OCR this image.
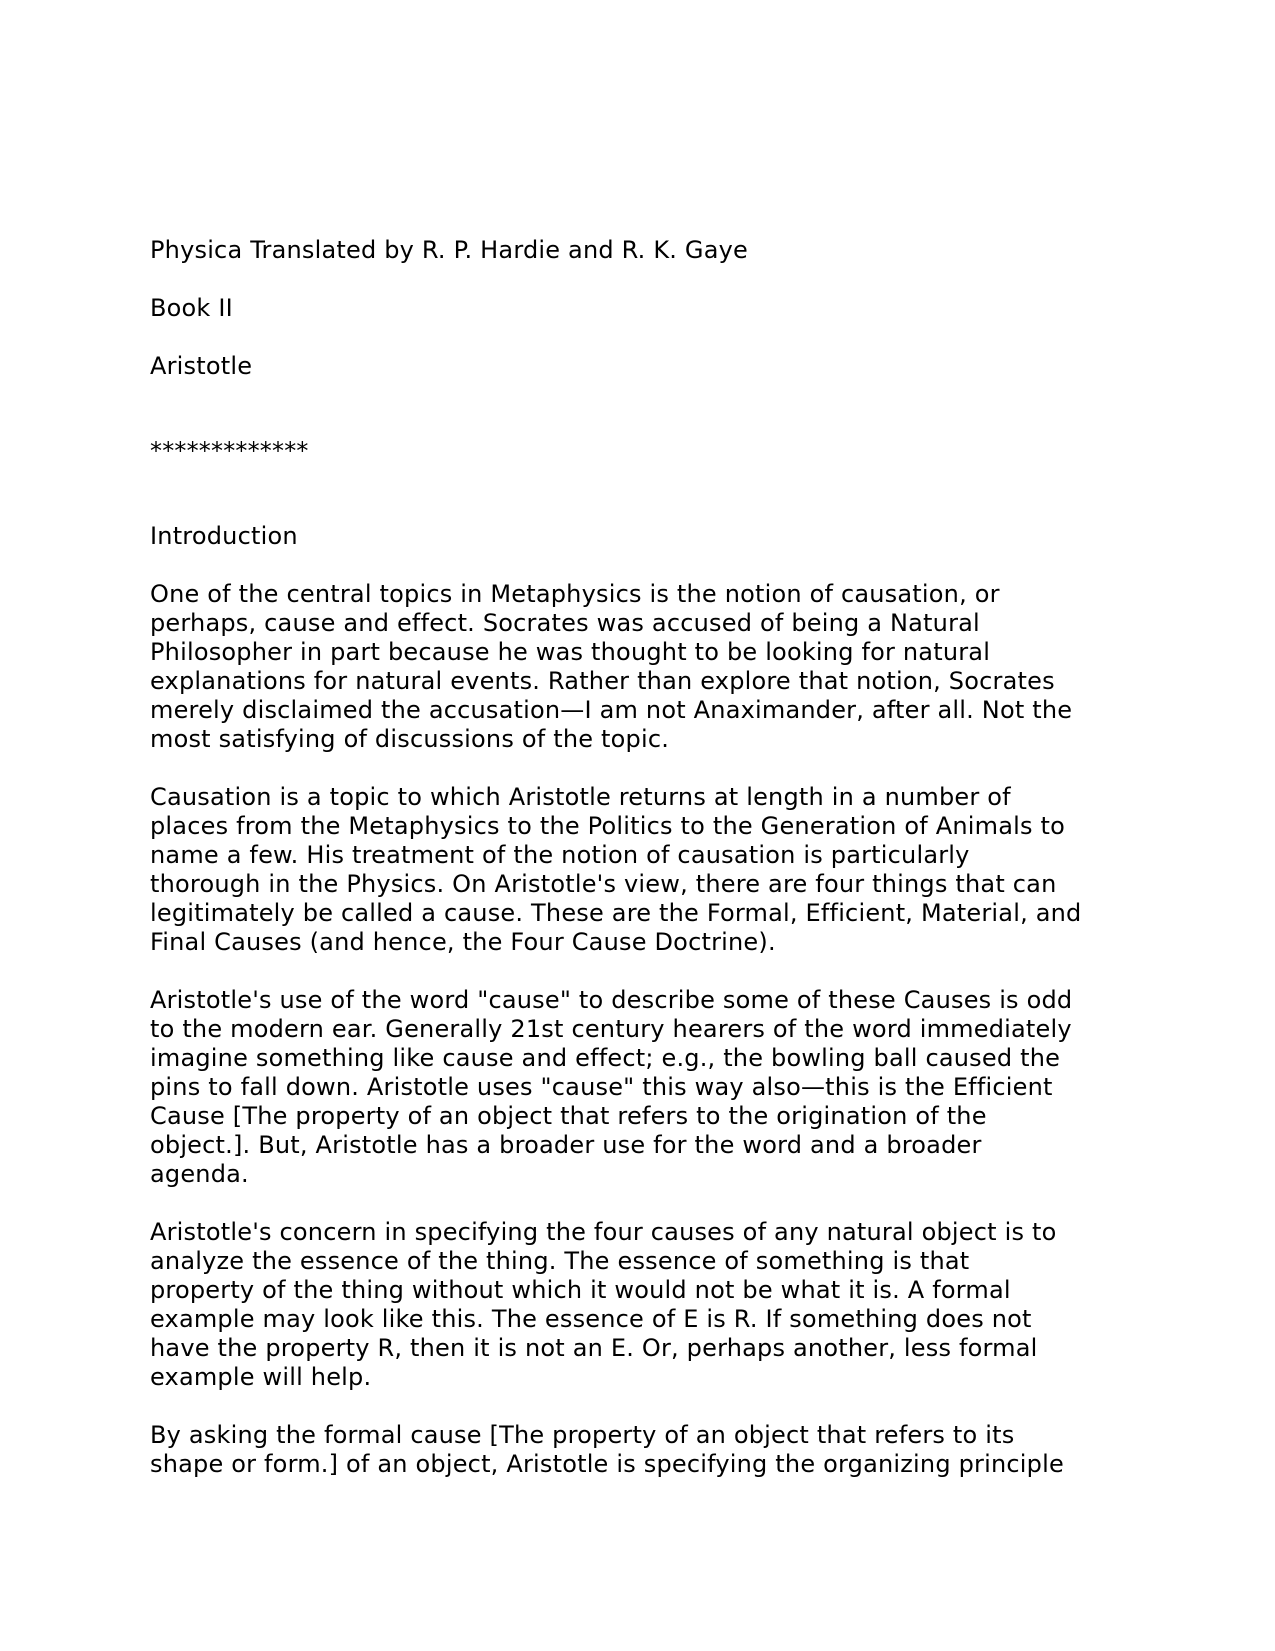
Physica Translated by R. P. Hardie and R. K. Gaye

Book II

Aristotle

*************

Introduction

One of the central topics in Metaphysics is the notion of causation, or

perhaps, cause and effect. Socrates was accused of being a Natural

Philosopher in part because he was thought to be looking for natural

explanations for natural events. Rather than explore that notion, Socrates

merely disclaimed the accusation—I am not Anaximander, after all. Not the

most satisfying of discussions of the topic.

Causation is a topic to which Aristotle returns at length in a number of

places from the Metaphysics to the Politics to the Generation of Animals to

name a few. His treatment of the notion of causation is particularly

thorough in the Physics. On Aristotle's view, there are four things that can

legitimately be called a cause. These are the Formal, Efficient, Material, and

Final Causes (and hence, the Four Cause Doctrine).

Aristotle's use of the word "cause" to describe some of these Causes is odd

to the modern ear. Generally 21st century hearers of the word immediately

imagine something like cause and effect; e.g., the bowling ball caused the

pins to fall down. Aristotle uses "cause" this way also—this is the Efficient

Cause [The property of an object that refers to the origination of the

object.]. But, Aristotle has a broader use for the word and a broader

agenda.

Aristotle's concern in specifying the four causes of any natural object is to

analyze the essence of the thing. The essence of something is that

property of the thing without which it would not be what it is. A formal

example may look like this. The essence of E is R. If something does not

have the property R, then it is not an E. Or, perhaps another, less formal

example will help.

By asking the formal cause [The property of an object that refers to its

shape or form.] of an object, Aristotle is specifying the organizing principle
